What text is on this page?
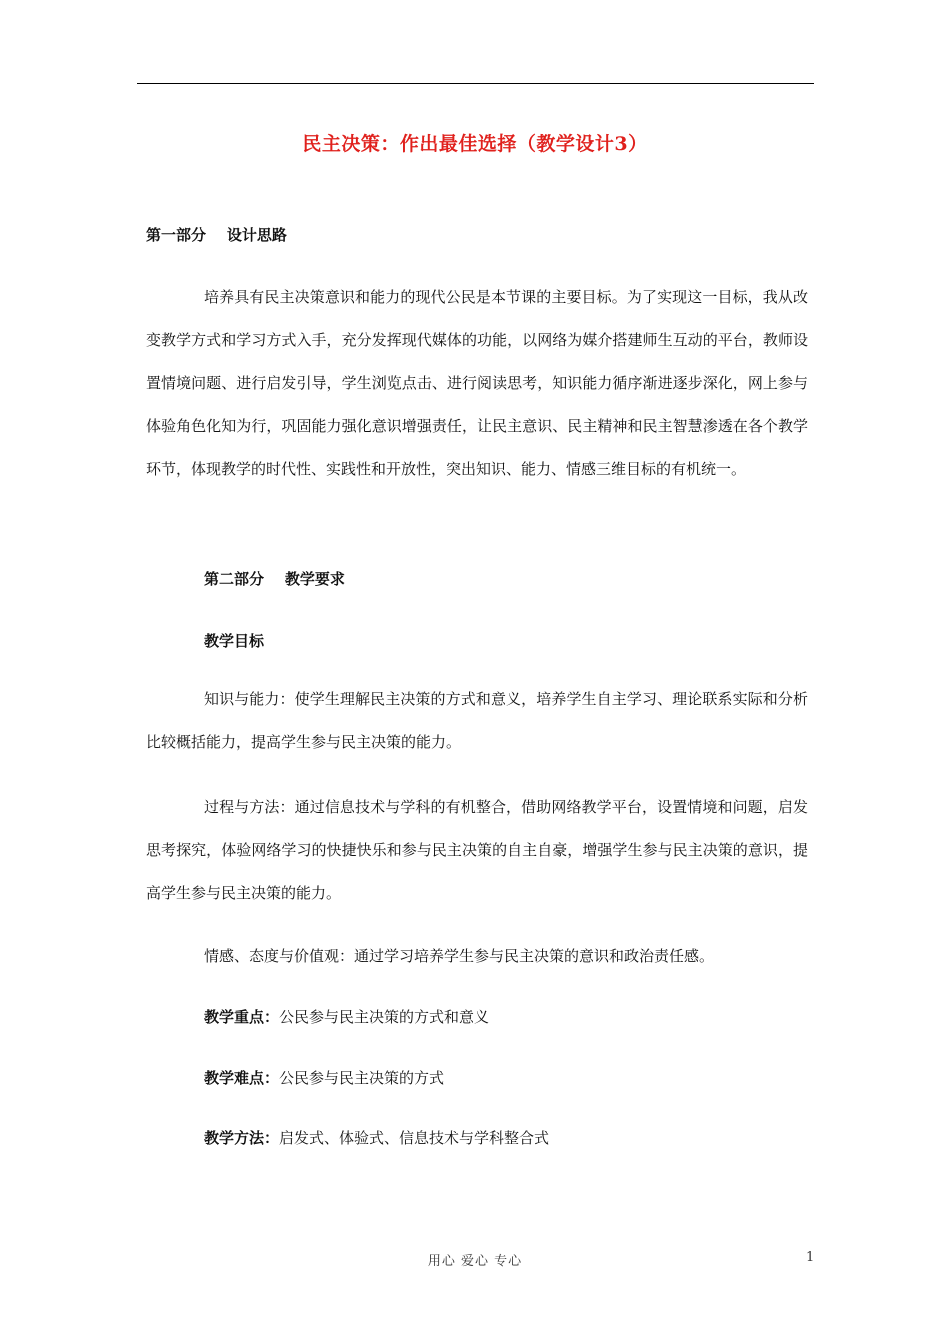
民主决策：作出最佳选择（教学设计3）

第一部分    设计思路

培养具有民主决策意识和能力的现代公民是本节课的主要目标。为了实现这一目标，我从改变教学方式和学习方式入手，充分发挥现代媒体的功能，以网络为媒介搭建师生互动的平台，教师设置情境问题、进行启发引导，学生浏览点击、进行阅读思考，知识能力循序渐进逐步深化，网上参与体验角色化知为行，巩固能力强化意识增强责任，让民主意识、民主精神和民主智慧渗透在各个教学环节，体现教学的时代性、实践性和开放性，突出知识、能力、情感三维目标的有机统一。

第二部分    教学要求

教学目标

知识与能力：使学生理解民主决策的方式和意义，培养学生自主学习、理论联系实际和分析比较概括能力，提高学生参与民主决策的能力。

过程与方法：通过信息技术与学科的有机整合，借助网络教学平台，设置情境和问题，启发思考探究，体验网络学习的快捷快乐和参与民主决策的自主自豪，增强学生参与民主决策的意识，提高学生参与民主决策的能力。

情感、态度与价值观：通过学习培养学生参与民主决策的意识和政治责任感。

教学重点：公民参与民主决策的方式和意义

教学难点：公民参与民主决策的方式

教学方法：启发式、体验式、信息技术与学科整合式

用心 爱心 专心	1
